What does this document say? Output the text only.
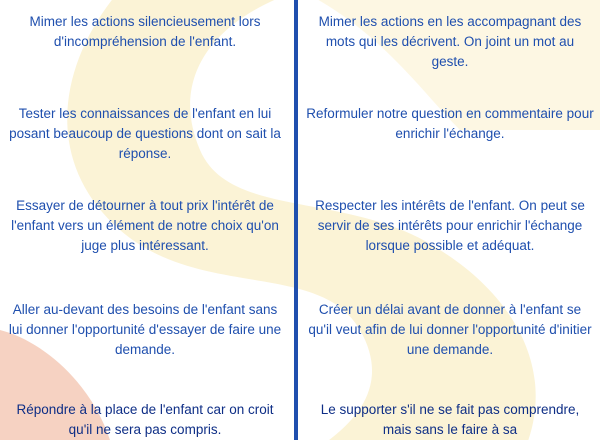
Mimer les actions silencieusement lors d'incompréhension de l'enfant.
Tester les connaissances de l'enfant en lui posant beaucoup de questions dont on sait la réponse.
Essayer de détourner à tout prix l'intérêt de l'enfant vers un élément de notre choix qu'on juge plus intéressant.
Aller au-devant des besoins de l'enfant sans lui donner l'opportunité d'essayer de faire une demande.
Répondre à la place de l'enfant car on croit qu'il ne sera pas compris.
Mimer les actions en les accompagnant des mots qui les décrivent. On joint un mot au geste.
Reformuler notre question en commentaire pour enrichir l'échange.
Respecter les intérêts de l'enfant. On peut se servir de ses intérêts pour enrichir l'échange lorsque possible et adéquat.
Créer un délai avant de donner à l'enfant se qu'il veut afin de lui donner l'opportunité d'initier une demande.
Le supporter s'il ne se fait pas comprendre, mais sans le faire à sa
